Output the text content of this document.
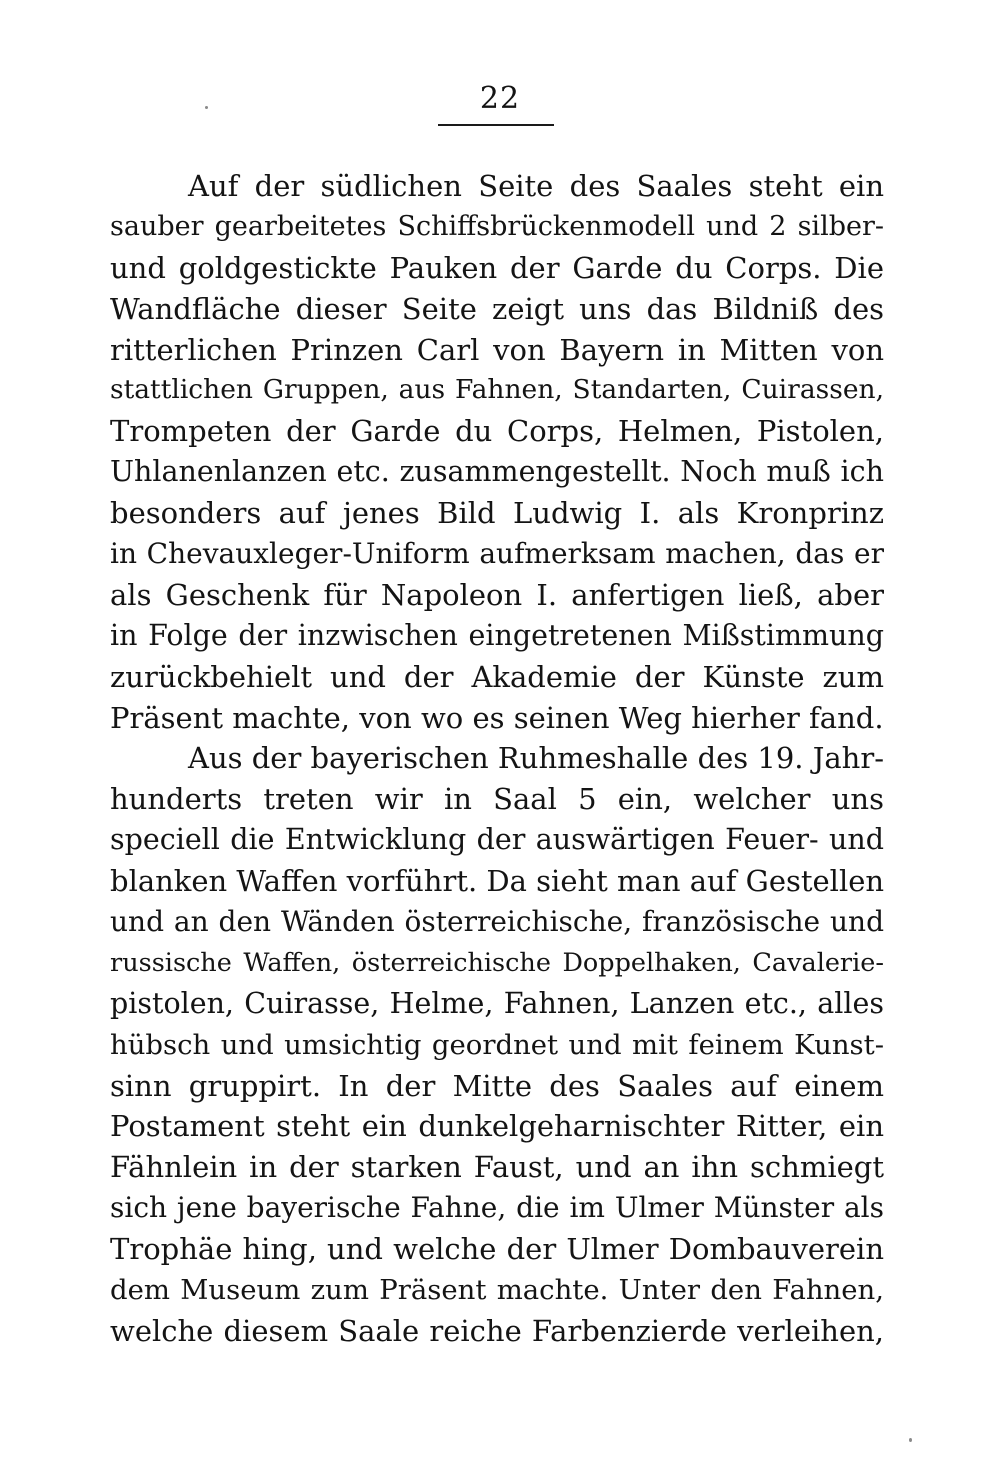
22
Auf der südlichen Seite des Saales steht ein
sauber gearbeitetes Schiffsbrückenmodell und 2 silber-
und goldgestickte Pauken der Garde du Corps. Die
Wandfläche dieser Seite zeigt uns das Bildniß des
ritterlichen Prinzen Carl von Bayern in Mitten von
stattlichen Gruppen, aus Fahnen, Standarten, Cuirassen,
Trompeten der Garde du Corps, Helmen, Pistolen,
Uhlanenlanzen etc. zusammengestellt. Noch muß ich
besonders auf jenes Bild Ludwig I. als Kronprinz
in Chevauxleger-Uniform aufmerksam machen, das er
als Geschenk für Napoleon I. anfertigen ließ, aber
in Folge der inzwischen eingetretenen Mißstimmung
zurückbehielt und der Akademie der Künste zum
Präsent machte, von wo es seinen Weg hierher fand.
Aus der bayerischen Ruhmeshalle des 19. Jahr-
hunderts treten wir in Saal 5 ein, welcher uns
speciell die Entwicklung der auswärtigen Feuer- und
blanken Waffen vorführt. Da sieht man auf Gestellen
und an den Wänden österreichische, französische und
russische Waffen, österreichische Doppelhaken, Cavalerie-
pistolen, Cuirasse, Helme, Fahnen, Lanzen etc., alles
hübsch und umsichtig geordnet und mit feinem Kunst-
sinn gruppirt. In der Mitte des Saales auf einem
Postament steht ein dunkelgeharnischter Ritter, ein
Fähnlein in der starken Faust, und an ihn schmiegt
sich jene bayerische Fahne, die im Ulmer Münster als
Trophäe hing, und welche der Ulmer Dombauverein
dem Museum zum Präsent machte. Unter den Fahnen,
welche diesem Saale reiche Farbenzierde verleihen,
